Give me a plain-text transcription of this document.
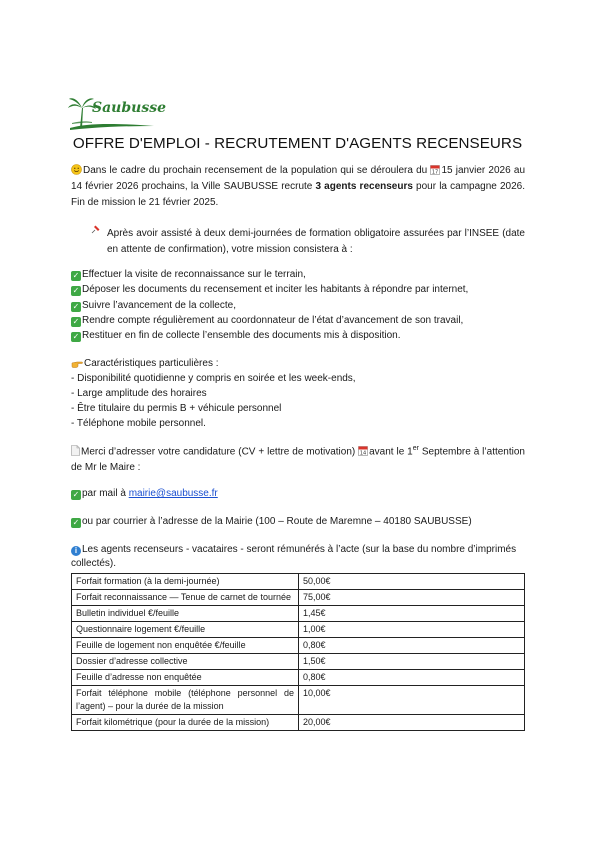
Saubusse
OFFRE D'EMPLOI - RECRUTEMENT D'AGENTS RECENSEURS
Dans le cadre du prochain recensement de la population qui se déroulera du 17 15 janvier 2026 au 14 février 2026 prochains, la Ville SAUBUSSE recrute 3 agents recenseurs pour la campagne 2026. Fin de mission le 21 février 2025.
Après avoir assisté à deux demi-journées de formation obligatoire assurées par l’INSEE (date en attente de confirmation), votre mission consistera à :
✓ Effectuer la visite de reconnaissance sur le terrain,
✓ Déposer les documents du recensement et inciter les habitants à répondre par internet,
✓ Suivre l’avancement de la collecte,
✓ Rendre compte régulièrement au coordonnateur de l’état d’avancement de son travail,
✓ Restituer en fin de collecte l’ensemble des documents mis à disposition.
Caractéristiques particulières :
- Disponibilité quotidienne y compris en soirée et les week-ends,
- Large amplitude des horaires
- Être titulaire du permis B + véhicule personnel
- Téléphone mobile personnel.
Merci d’adresser votre candidature (CV + lettre de motivation) 14 avant le 1er Septembre à l’attention de Mr le Maire :
✓ par mail à mairie@saubusse.fr
✓ ou par courrier à l’adresse de la Mairie (100 – Route de Maremne – 40180 SAUBUSSE)
i Les agents recenseurs - vacataires - seront rémunérés à l’acte (sur la base du nombre d’imprimés collectés).
Forfait formation (à la demi-journée)	50,00€
Forfait reconnaissance — Tenue de carnet de tournée	75,00€
Bulletin individuel €/feuille	1,45€
Questionnaire logement €/feuille	1,00€
Feuille de logement non enquêtée €/feuille	0,80€
Dossier d’adresse collective	1,50€
Feuille d’adresse non enquêtée	0,80€
Forfait téléphone mobile (téléphone personnel de l’agent) – pour la durée de la mission	10,00€
Forfait kilométrique (pour la durée de la mission)	20,00€
